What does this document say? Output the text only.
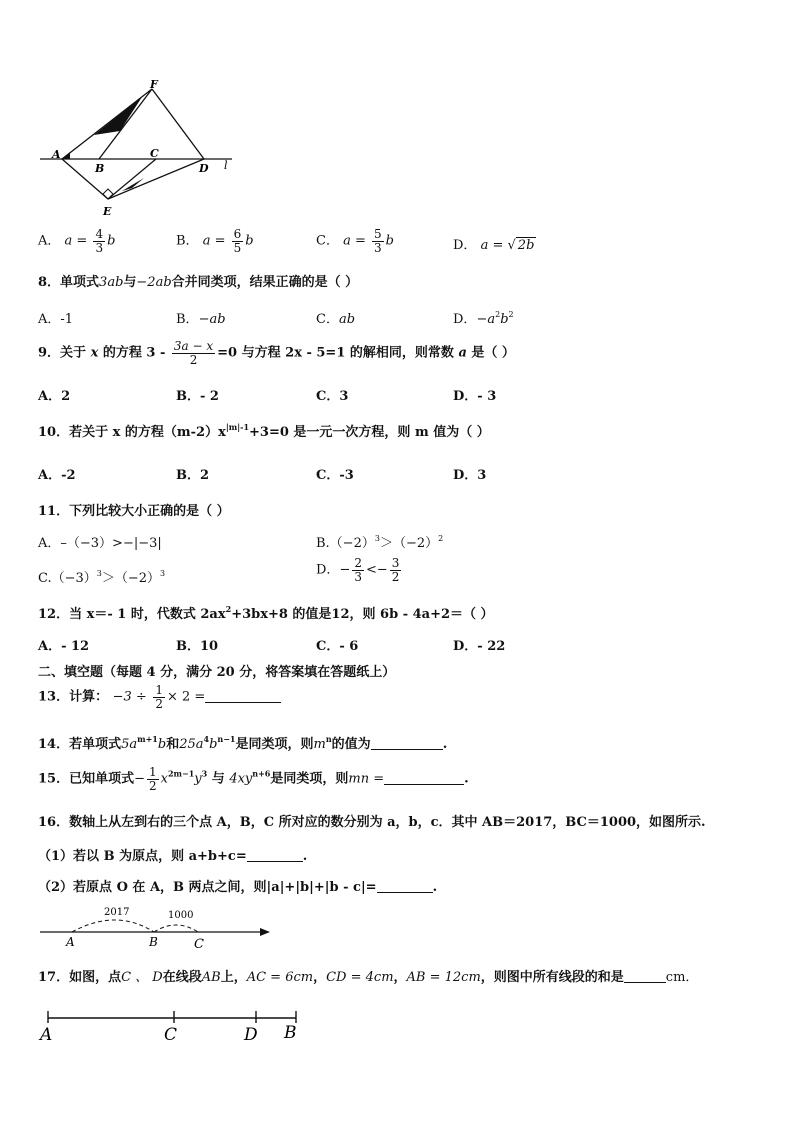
F
A
B
C
D l
E
A． $a = \frac{4}{3}$ b	B． $a = \frac{6}{5}$ b	C． $a = \frac{5}{3}$ b	D． a = √ 2b
8．单项式3ab与−2ab合并同类项，结果正确的是（ ）
A．-1	B．−ab	C．ab	D．$-a^2b^2$
9．关于 x 的方程 $3 - \frac{3a - x}{2} =0$ 与方程 2x - 5=1 的解相同，则常数 a 是（ ）
A．2	B．- 2	C．3	D．- 3
10．若关于 x 的方程$(m-2)x^{|m|-1}+3=0$ 是一元一次方程，则 m 值为（ ）
A．-2	B．2	C．-3	D．3
11．下列比较大小正确的是（ ）
A．–（−3）>−|−3|	$B.(-2)^3>(-2)^2$
$C.(-3)^3>(-2)^3$	D．− $\frac{2}{3} <- \frac{3}{2}$
12．当 x＝- 1 时，代数式 $2ax^2+3bx+8$ 的值是12，则 6b - 4a+2＝（ ）
A．- 12	B．10	C．- 6	D．- 22
二、填空题（每题 4 分，满分 20 分，将答案填在答题纸上）
13．计算： $-3 \div \frac{1}{2} \times 2$ =
14．若单项式$5a^{m+1}b$和$25a^4b^{n-1}$是同类项，则$m^n$的值为	.
15．已知单项式− $\frac{1}{2} x^{2m-1}y^3$ 与 $4xy^{n+6}$是同类项，则mn =	.
16．数轴上从左到右的三个点 A，B，C 所对应的数分别为 a，b，c．其中 AB＝2017，BC＝1000，如图所示.
（1）若以 B 为原点，则 a+b+c=	.
（2）若原点 O 在 A，B 两点之间，则|a|+|b|+|b - c|=	.
2017	1000
A	B	C
17．如图，点C 、 D在线段AB上，AC = 6cm，CD = 4cm，AB = 12cm，则图中所有线段的和是	cm．
A	C	D B
